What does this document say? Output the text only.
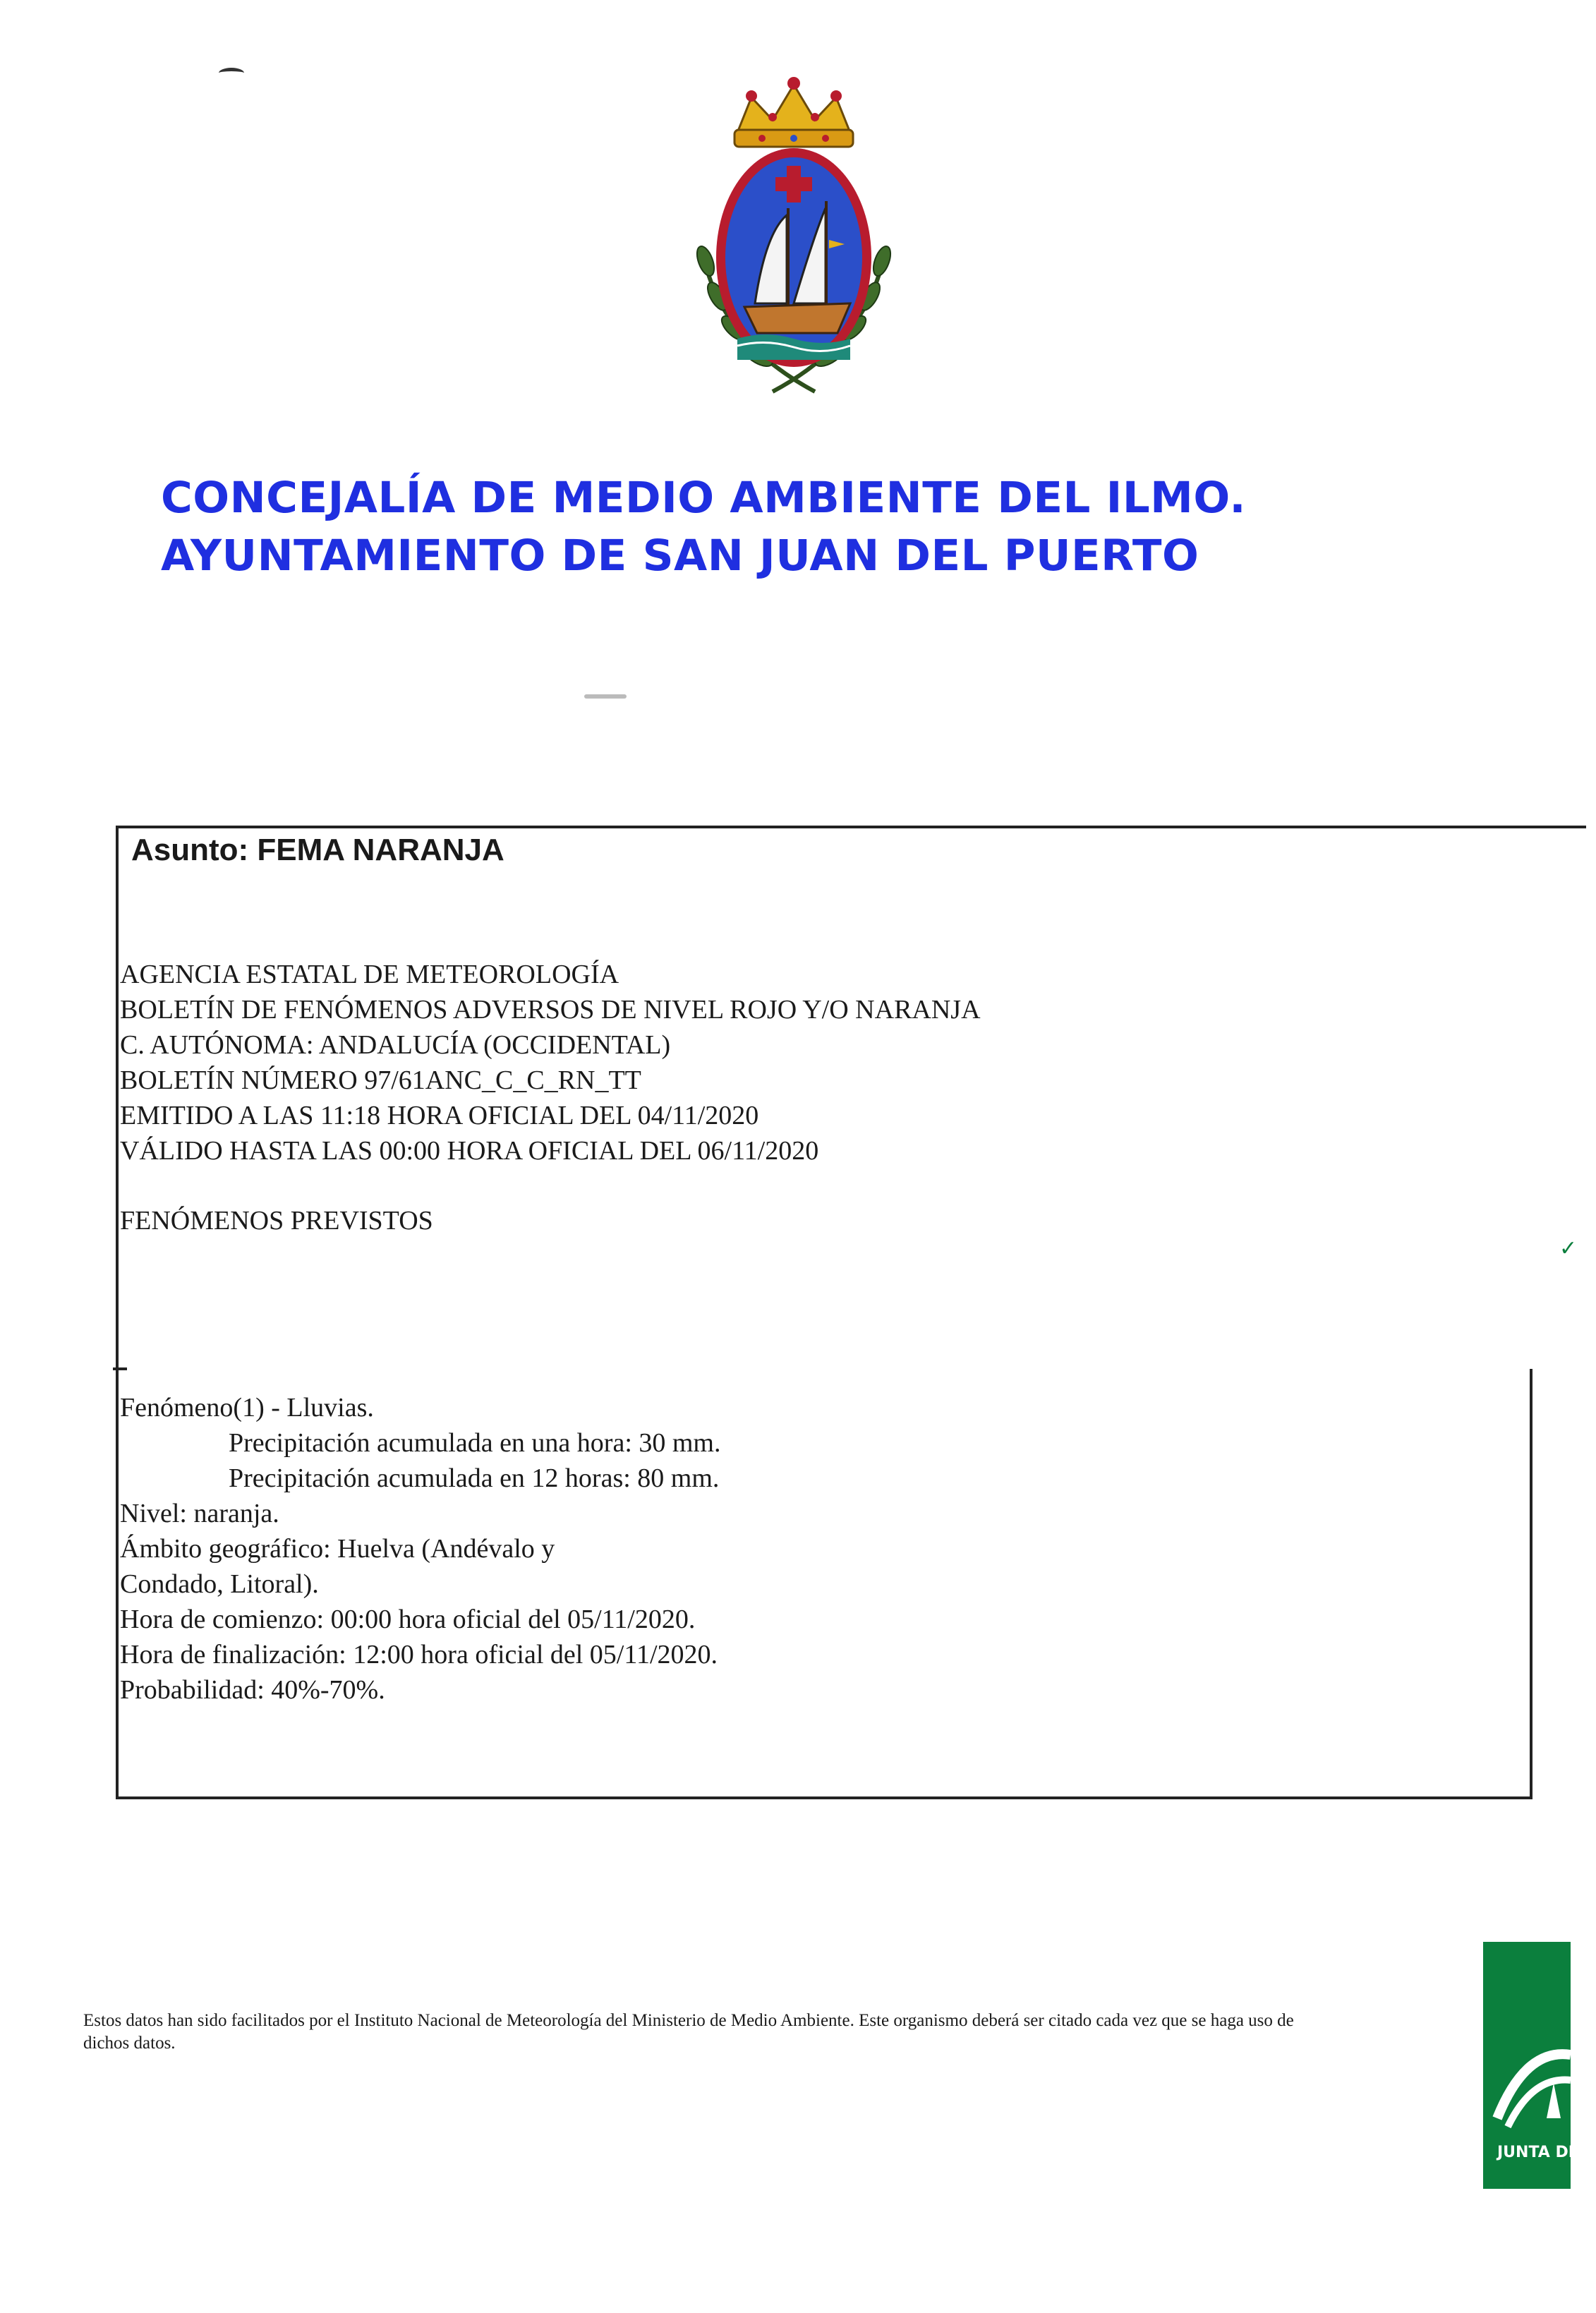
CONCEJALÍA DE MEDIO AMBIENTE DEL ILMO.
AYUNTAMIENTO DE SAN JUAN DEL PUERTO
Asunto: FEMA NARANJA
AGENCIA ESTATAL DE METEOROLOGÍA
BOLETÍN DE FENÓMENOS ADVERSOS DE NIVEL ROJO Y/O NARANJA
C. AUTÓNOMA: ANDALUCÍA (OCCIDENTAL)
BOLETÍN NÚMERO 97/61ANC_C_C_RN_TT
EMITIDO A LAS 11:18 HORA OFICIAL DEL 04/11/2020
VÁLIDO HASTA LAS 00:00 HORA OFICIAL DEL 06/11/2020
FENÓMENOS PREVISTOS
✓
Fenómeno(1) - Lluvias.
Precipitación acumulada en una hora: 30 mm.
Precipitación acumulada en 12 horas: 80 mm.
Nivel: naranja.
Ámbito geográfico: Huelva (Andévalo y
Condado, Litoral).
Hora de comienzo: 00:00 hora oficial del 05/11/2020.
Hora de finalización: 12:00 hora oficial del 05/11/2020.
Probabilidad: 40%-70%.
Estos datos han sido facilitados por el Instituto Nacional de Meteorología del Ministerio de Medio Ambiente. Este organismo deberá ser citado cada vez que se haga uso de dichos datos.
JUNTA DE A
